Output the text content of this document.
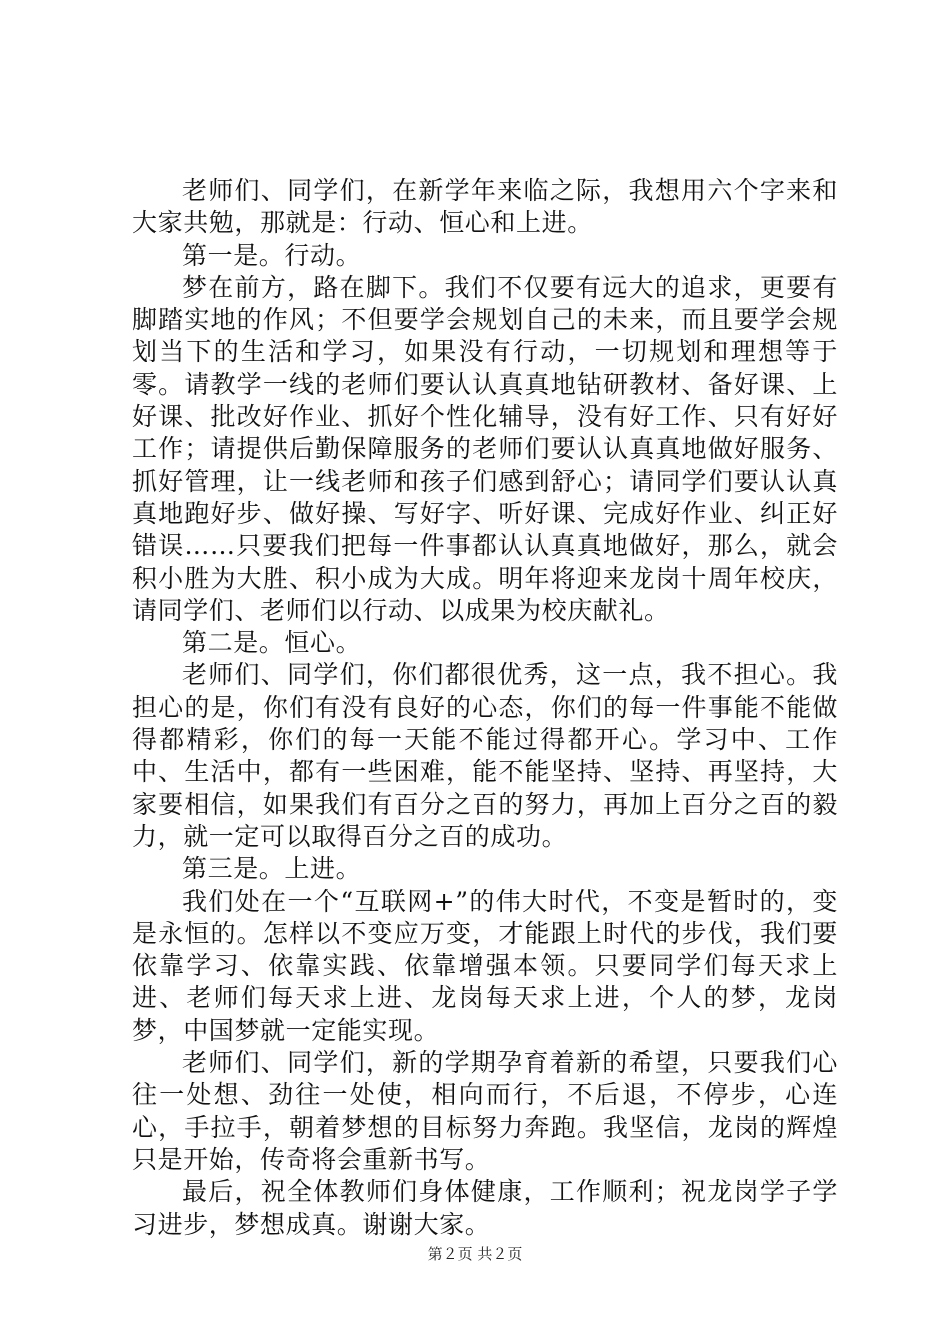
老师们、同学们，在新学年来临之际，我想用六个字来和大家共勉，那就是：行动、恒心和上进。

第一是。行动。

梦在前方，路在脚下。我们不仅要有远大的追求，更要有脚踏实地的作风；不但要学会规划自己的未来，而且要学会规划当下的生活和学习，如果没有行动，一切规划和理想等于零。请教学一线的老师们要认认真真地钻研教材、备好课、上好课、批改好作业、抓好个性化辅导，没有好工作、只有好好工作；请提供后勤保障服务的老师们要认认真真地做好服务、抓好管理，让一线老师和孩子们感到舒心；请同学们要认认真真地跑好步、做好操、写好字、听好课、完成好作业、纠正好错误……只要我们把每一件事都认认真真地做好，那么，就会积小胜为大胜、积小成为大成。明年将迎来龙岗十周年校庆，请同学们、老师们以行动、以成果为校庆献礼。

第二是。恒心。

老师们、同学们，你们都很优秀，这一点，我不担心。我担心的是，你们有没有良好的心态，你们的每一件事能不能做得都精彩，你们的每一天能不能过得都开心。学习中、工作中、生活中，都有一些困难，能不能坚持、坚持、再坚持，大家要相信，如果我们有百分之百的努力，再加上百分之百的毅力，就一定可以取得百分之百的成功。

第三是。上进。

我们处在一个“互联网+”的伟大时代，不变是暂时的，变是永恒的。怎样以不变应万变，才能跟上时代的步伐，我们要依靠学习、依靠实践、依靠增强本领。只要同学们每天求上进、老师们每天求上进、龙岗每天求上进，个人的梦，龙岗梦，中国梦就一定能实现。

老师们、同学们，新的学期孕育着新的希望，只要我们心往一处想、劲往一处使，相向而行，不后退，不停步，心连心，手拉手，朝着梦想的目标努力奔跑。我坚信，龙岗的辉煌只是开始，传奇将会重新书写。

最后，祝全体教师们身体健康，工作顺利；祝龙岗学子学习进步，梦想成真。谢谢大家。

第２页 共２页
